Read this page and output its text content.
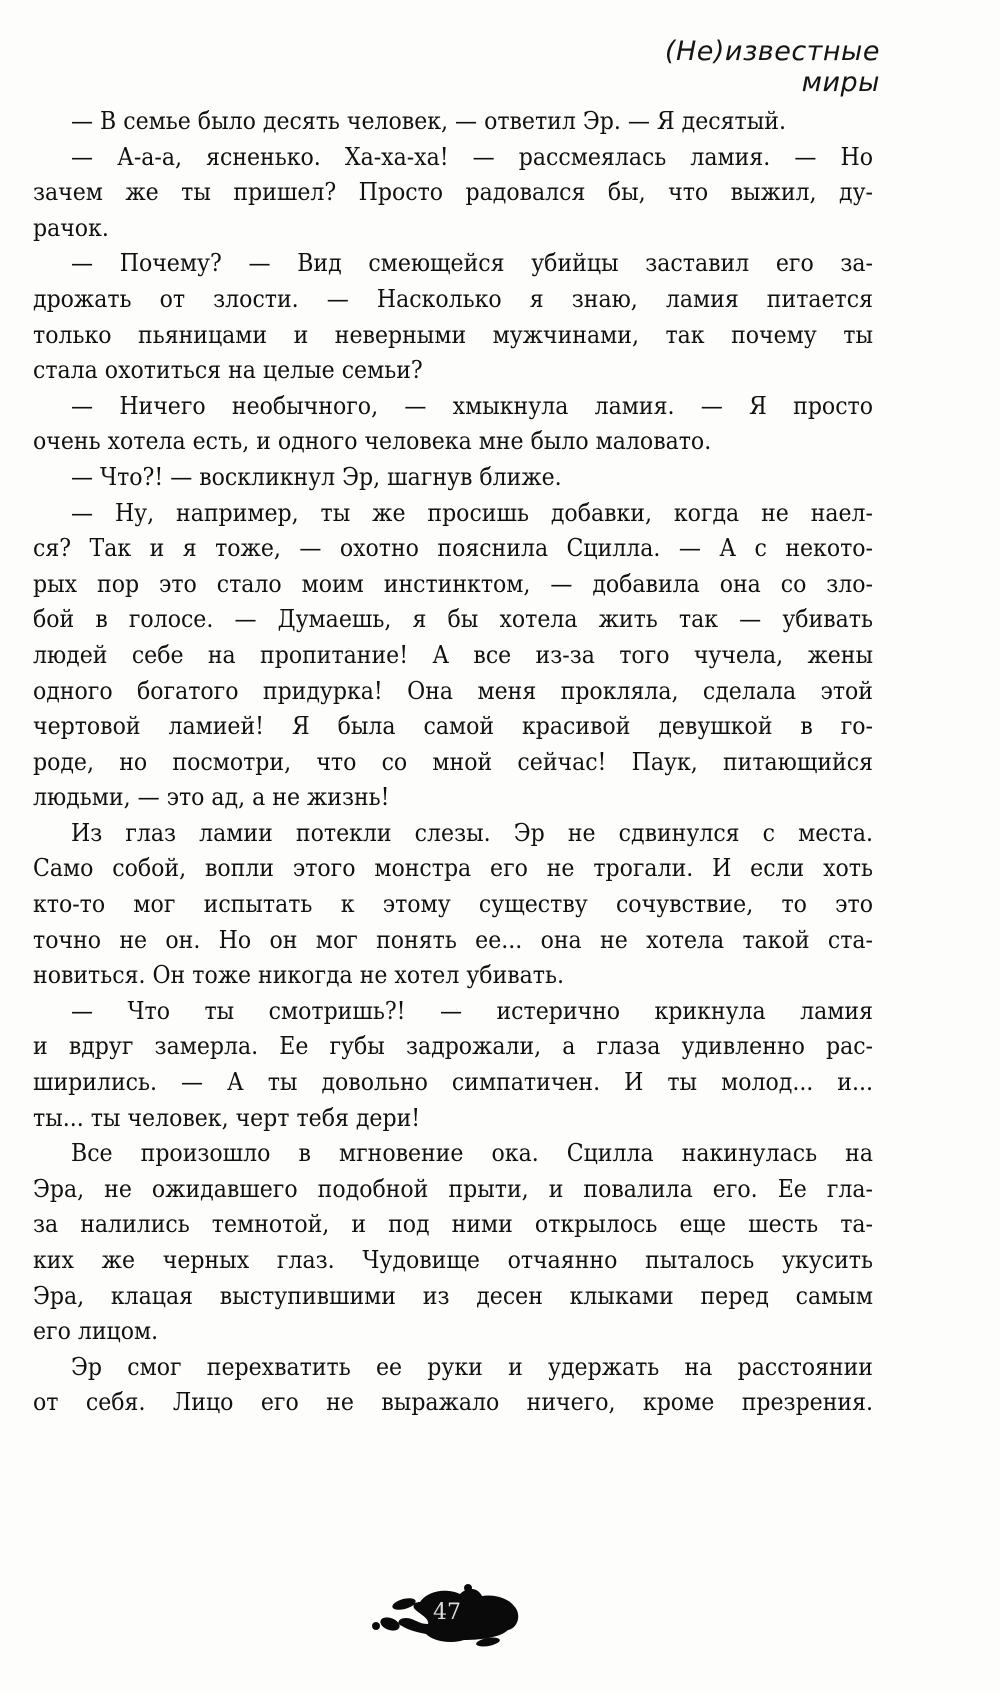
(Не)известные миры
— В семье было десять человек, — ответил Эр. — Я десятый.
— А-а-а, ясненько. Ха-ха-ха! — рассмеялась ламия. — Но
зачем же ты пришел? Просто радовался бы, что выжил, ду-
рачок.
— Почему? — Вид смеющейся убийцы заставил его за-
дрожать от злости. — Насколько я знаю, ламия питается
только пьяницами и неверными мужчинами, так почему ты
стала охотиться на целые семьи?
— Ничего необычного, — хмыкнула ламия. — Я просто
очень хотела есть, и одного человека мне было маловато.
— Что?! — воскликнул Эр, шагнув ближе.
— Ну, например, ты же просишь добавки, когда не наел-
ся? Так и я тоже, — охотно пояснила Сцилла. — А с некото-
рых пор это стало моим инстинктом, — добавила она со зло-
бой в голосе. — Думаешь, я бы хотела жить так — убивать
людей себе на пропитание! А все из-за того чучела, жены
одного богатого придурка! Она меня прокляла, сделала этой
чертовой ламией! Я была самой красивой девушкой в го-
роде, но посмотри, что со мной сейчас! Паук, питающийся
людьми, — это ад, а не жизнь!
Из глаз ламии потекли слезы. Эр не сдвинулся с места.
Само собой, вопли этого монстра его не трогали. И если хоть
кто-то мог испытать к этому существу сочувствие, то это
точно не он. Но он мог понять ее... она не хотела такой ста-
новиться. Он тоже никогда не хотел убивать.
— Что ты смотришь?! — истерично крикнула ламия
и вдруг замерла. Ее губы задрожали, а глаза удивленно рас-
ширились. — А ты довольно симпатичен. И ты молод... и...
ты... ты человек, черт тебя дери!
Все произошло в мгновение ока. Сцилла накинулась на
Эра, не ожидавшего подобной прыти, и повалила его. Ее гла-
за налились темнотой, и под ними открылось еще шесть та-
ких же черных глаз. Чудовище отчаянно пыталось укусить
Эра, клацая выступившими из десен клыками перед самым
его лицом.
Эр смог перехватить ее руки и удержать на расстоянии
от себя. Лицо его не выражало ничего, кроме презрения.
47
